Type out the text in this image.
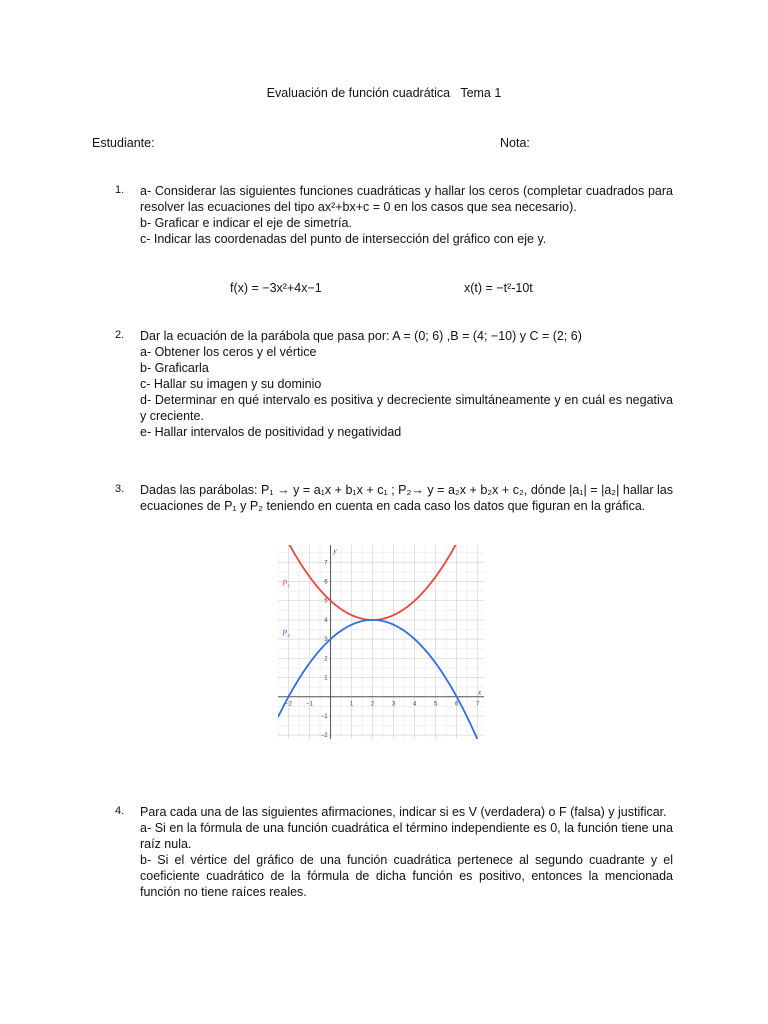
Evaluación de función cuadrática   Tema 1
Estudiante:	Nota:
1. a- Considerar las siguientes funciones cuadráticas y hallar los ceros (completar cuadrados para resolver las ecuaciones del tipo ax²+bx+c = 0 en los casos que sea necesario).
b- Graficar e indicar el eje de simetría.
c- Indicar las coordenadas del punto de intersección del gráfico con eje y.
f(x) = −3x²+4x−1	x(t) = −t²-10t
2. Dar la ecuación de la parábola que pasa por: A = (0; 6) ,B = (4; −10) y C = (2; 6)
a- Obtener los ceros y el vértice
b- Graficarla
c- Hallar su imagen y su dominio
d- Determinar en qué intervalo es positiva y decreciente simultáneamente y en cuál es negativa y creciente.
e- Hallar intervalos de positividad y negatividad
3. Dadas las parábolas: P₁ → y = a₁x + b₁x + c₁ ; P₂→ y = a₂x + b₂x + c₂, dónde |a₁| = |a₂| hallar las ecuaciones de P₁ y P₂ teniendo en cuenta en cada caso los datos que figuran en la gráfica.
−2 −1	1	2	3	4	5	6	7
−2
−1
1
2
3
4
5
6
7
x
y
P₁
P₂
4. Para cada una de las siguientes afirmaciones, indicar si es V (verdadera) o F (falsa) y justificar.
a- Si en la fórmula de una función cuadrática el término independiente es 0, la función tiene una raíz nula.
b- Si el vértice del gráfico de una función cuadrática pertenece al segundo cuadrante y el coeficiente cuadrático de la fórmula de dicha función es positivo, entonces la mencionada función no tiene raíces reales.
